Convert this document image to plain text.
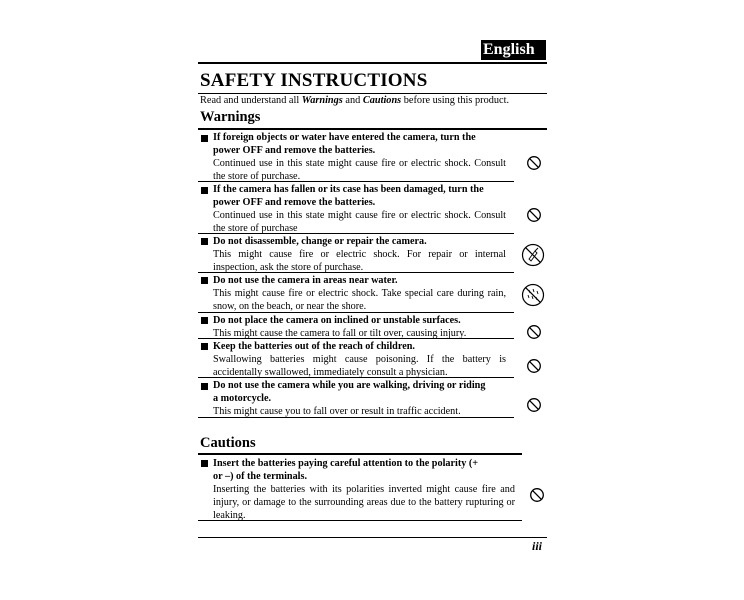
English
SAFETY INSTRUCTIONS
Read and understand all Warnings and Cautions before using this product.
Warnings
If foreign objects or water have entered the camera, turn the
power OFF and remove the batteries.
Continued use in this state might cause fire or electric shock. Consult the store of purchase.
If the camera has fallen or its case has been damaged, turn the
power OFF and remove the batteries.
Continued use in this state might cause fire or electric shock. Consult the store of purchase
Do not disassemble, change or repair the camera.
This might cause fire or electric shock. For repair or internal inspection, ask the store of purchase.
Do not use the camera in areas near water.
This might cause fire or electric shock. Take special care during rain, snow, on the beach, or near the shore.
Do not place the camera on inclined or unstable surfaces.
This might cause the camera to fall or tilt over, causing injury.
Keep the batteries out of the reach of children.
Swallowing batteries might cause poisoning. If the battery is accidentally swallowed, immediately consult a physician.
Do not use the camera while you are walking, driving or riding
a motorcycle.
This might cause you to fall over or result in traffic accident.
Cautions
Insert the batteries paying careful attention to the polarity (+
or –) of the terminals.
Inserting the batteries with its polarities inverted might cause fire and injury, or damage to the surrounding areas due to the battery rupturing or leaking.
iii
